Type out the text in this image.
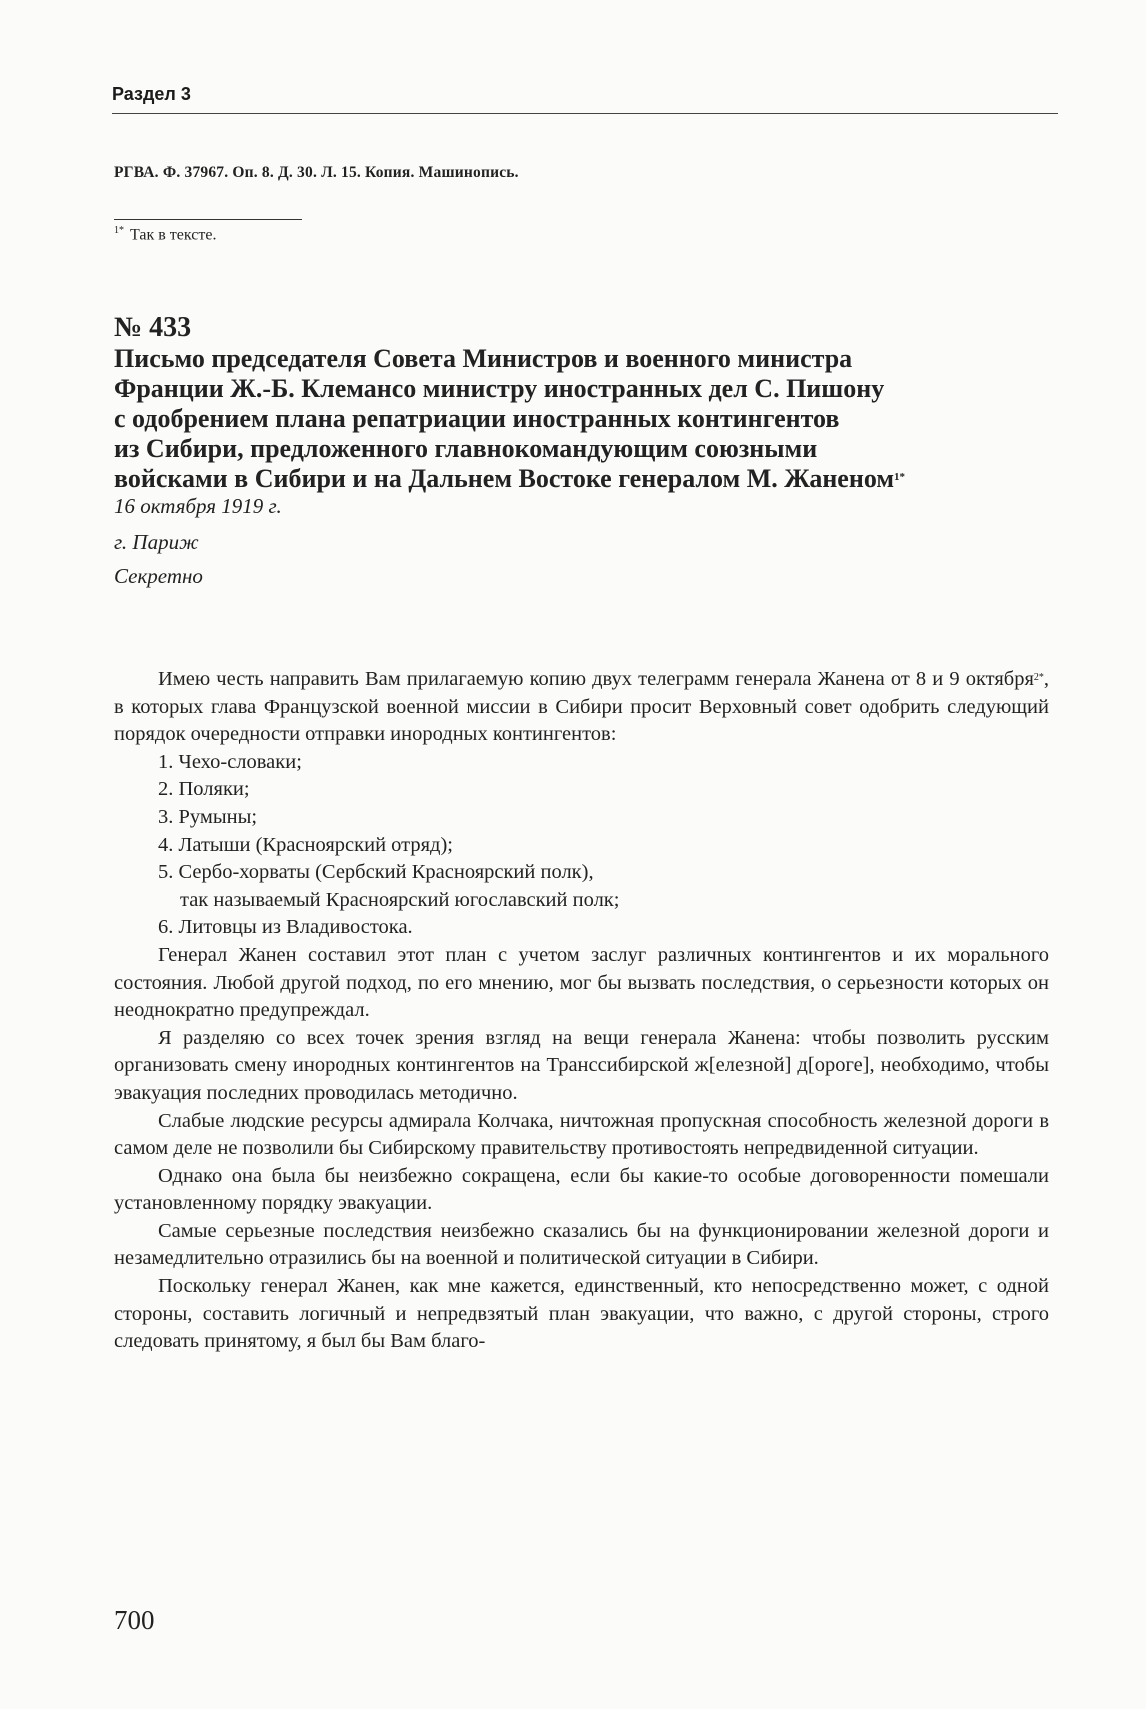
Раздел 3
РГВА. Ф. 37967. Оп. 8. Д. 30. Л. 15. Копия. Машинопись.
$^{1*}$ Так в тексте.
№ 433
Письмо председателя Совета Министров и военного министра
Франции Ж.-Б. Клемансо министру иностранных дел С. Пишону
с одобрением плана репатриации иностранных контингентов
из Сибири, предложенного главнокомандующим союзными
войсками в Сибири и на Дальнем Востоке генералом М. Жаненом$^{1*}$
16 октября 1919 г.
г. Париж
Секретно

Имею честь направить Вам прилагаемую копию двух телеграмм генерала Жанена от 8 и 9 октября$^{2*}$, в которых глава Французской военной миссии в Сибири просит Верховный совет одобрить следующий порядок очередности отправки инородных контингентов:

1. Чехо-словаки;
2. Поляки;
3. Румыны;
4. Латыши (Красноярский отряд);
5. Сербо-хорваты (Сербский Красноярский полк),
так называемый Красноярский югославский полк;
6. Литовцы из Владивостока.

Генерал Жанен составил этот план с учетом заслуг различных контингентов и их морального состояния. Любой другой подход, по его мнению, мог бы вызвать последствия, о серьезности которых он неоднократно предупреждал.

Я разделяю со всех точек зрения взгляд на вещи генерала Жанена: чтобы позволить русским организовать смену инородных контингентов на Транссибирской ж[елезной] д[ороге], необходимо, чтобы эвакуация последних проводилась методично.

Слабые людские ресурсы адмирала Колчака, ничтожная пропускная способность железной дороги в самом деле не позволили бы Сибирскому правительству противостоять непредвиденной ситуации.

Однако она была бы неизбежно сокращена, если бы какие-то особые договоренности помешали установленному порядку эвакуации.

Самые серьезные последствия неизбежно сказались бы на функционировании железной дороги и незамедлительно отразились бы на военной и политической ситуации в Сибири.

Поскольку генерал Жанен, как мне кажется, единственный, кто непосредственно может, с одной стороны, составить логичный и непредвзятый план эвакуации, что важно, с другой стороны, строго следовать принятому, я был бы Вам благо-

700
